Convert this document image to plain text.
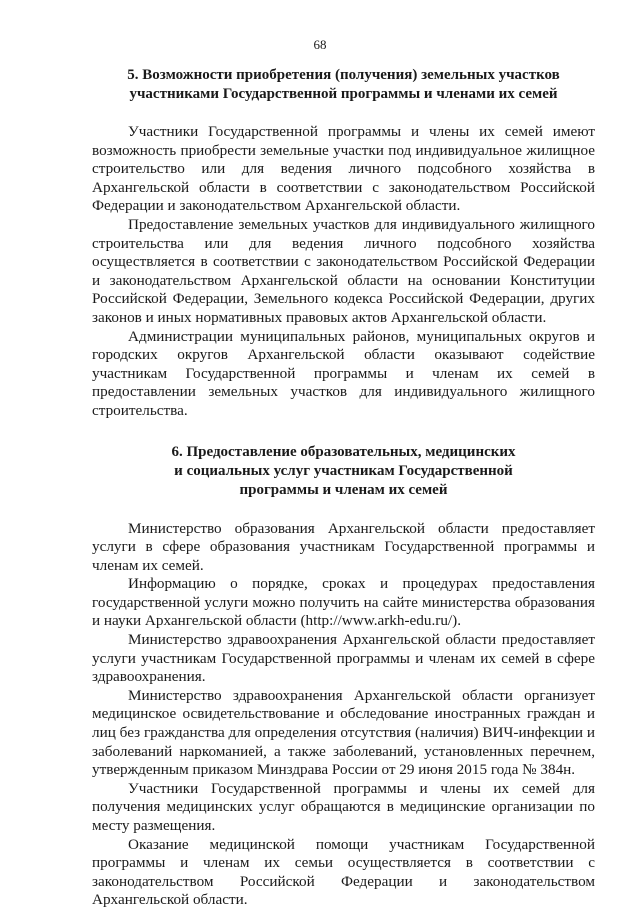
68
5. Возможности приобретения (получения) земельных участков
участниками Государственной программы и членами их семей

Участники Государственной программы и члены их семей имеют возможность приобрести земельные участки под индивидуальное жилищное строительство или для ведения личного подсобного хозяйства в Архангельской области в соответствии с законодательством Российской Федерации и законодательством Архангельской области.

Предоставление земельных участков для индивидуального жилищного строительства или для ведения личного подсобного хозяйства осуществляется в соответствии с законодательством Российской Федерации и законодательством Архангельской области на основании Конституции Российской Федерации, Земельного кодекса Российской Федерации, других законов и иных нормативных правовых актов Архангельской области.

Администрации муниципальных районов, муниципальных округов и городских округов Архангельской области оказывают содействие участникам Государственной программы и членам их семей в предоставлении земельных участков для индивидуального жилищного строительства.

6. Предоставление образовательных, медицинских
и социальных услуг участникам Государственной
программы и членам их семей

Министерство образования Архангельской области предоставляет услуги в сфере образования участникам Государственной программы и членам их семей.

Информацию о порядке, сроках и процедурах предоставления государственной услуги можно получить на сайте министерства образования и науки Архангельской области (http://www.arkh-edu.ru/).

Министерство здравоохранения Архангельской области предоставляет услуги участникам Государственной программы и членам их семей в сфере здравоохранения.

Министерство здравоохранения Архангельской области организует медицинское освидетельствование и обследование иностранных граждан и лиц без гражданства для определения отсутствия (наличия) ВИЧ-инфекции и заболеваний наркоманией, а также заболеваний, установленных перечнем, утвержденным приказом Минздрава России от 29 июня 2015 года № 384н.

Участники Государственной программы и члены их семей для получения медицинских услуг обращаются в медицинские организации по месту размещения.

Оказание медицинской помощи участникам Государственной программы и членам их семьи осуществляется в соответствии с законодательством Российской Федерации и законодательством Архангельской области.
